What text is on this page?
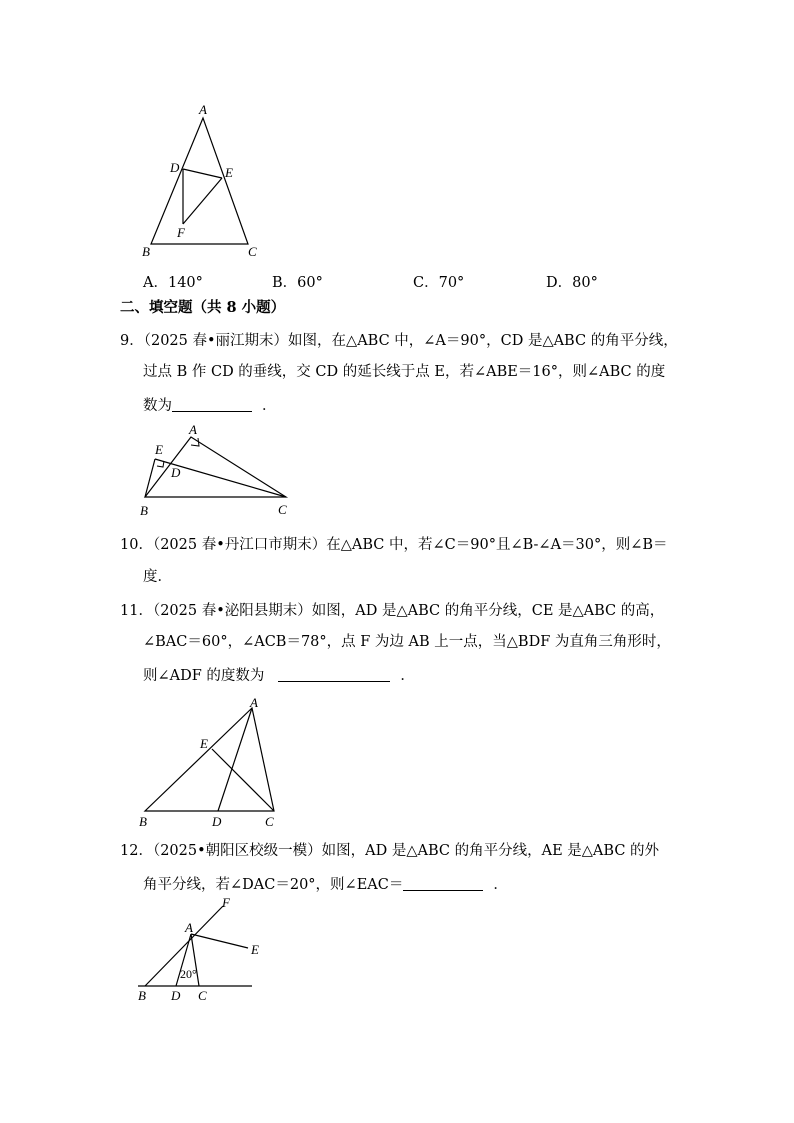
A
D	E
F
B	C
A．140°	B．60°	C．70°	D．80°
二、填空题（共 8 小题）
9．（2025 春•丽江期末）如图，在△ABC 中，∠A＝90°，CD 是△ABC 的角平分线，
过点 B 作 CD 的垂线，交 CD 的延长线于点 E，若∠ABE＝16°，则∠ABC 的度
数为	．
A
E
D
B	C
10．（2025 春•丹江口市期末）在△ABC 中，若∠C＝90°且∠B-∠A＝30°，则∠B＝
度．
11．（2025 春•泌阳县期末）如图，AD 是△ABC 的角平分线，CE 是△ABC 的高，
∠BAC＝60°，∠ACB＝78°，点 F 为边 AB 上一点，当△BDF 为直角三角形时，
则∠ADF 的度数为	．
A
E
B	D	C
12．（2025•朝阳区校级一模）如图，AD 是△ABC 的角平分线，AE 是△ABC 的外
角平分线，若∠DAC＝20°，则∠EAC＝	．
F
A
E
20°
B D C
